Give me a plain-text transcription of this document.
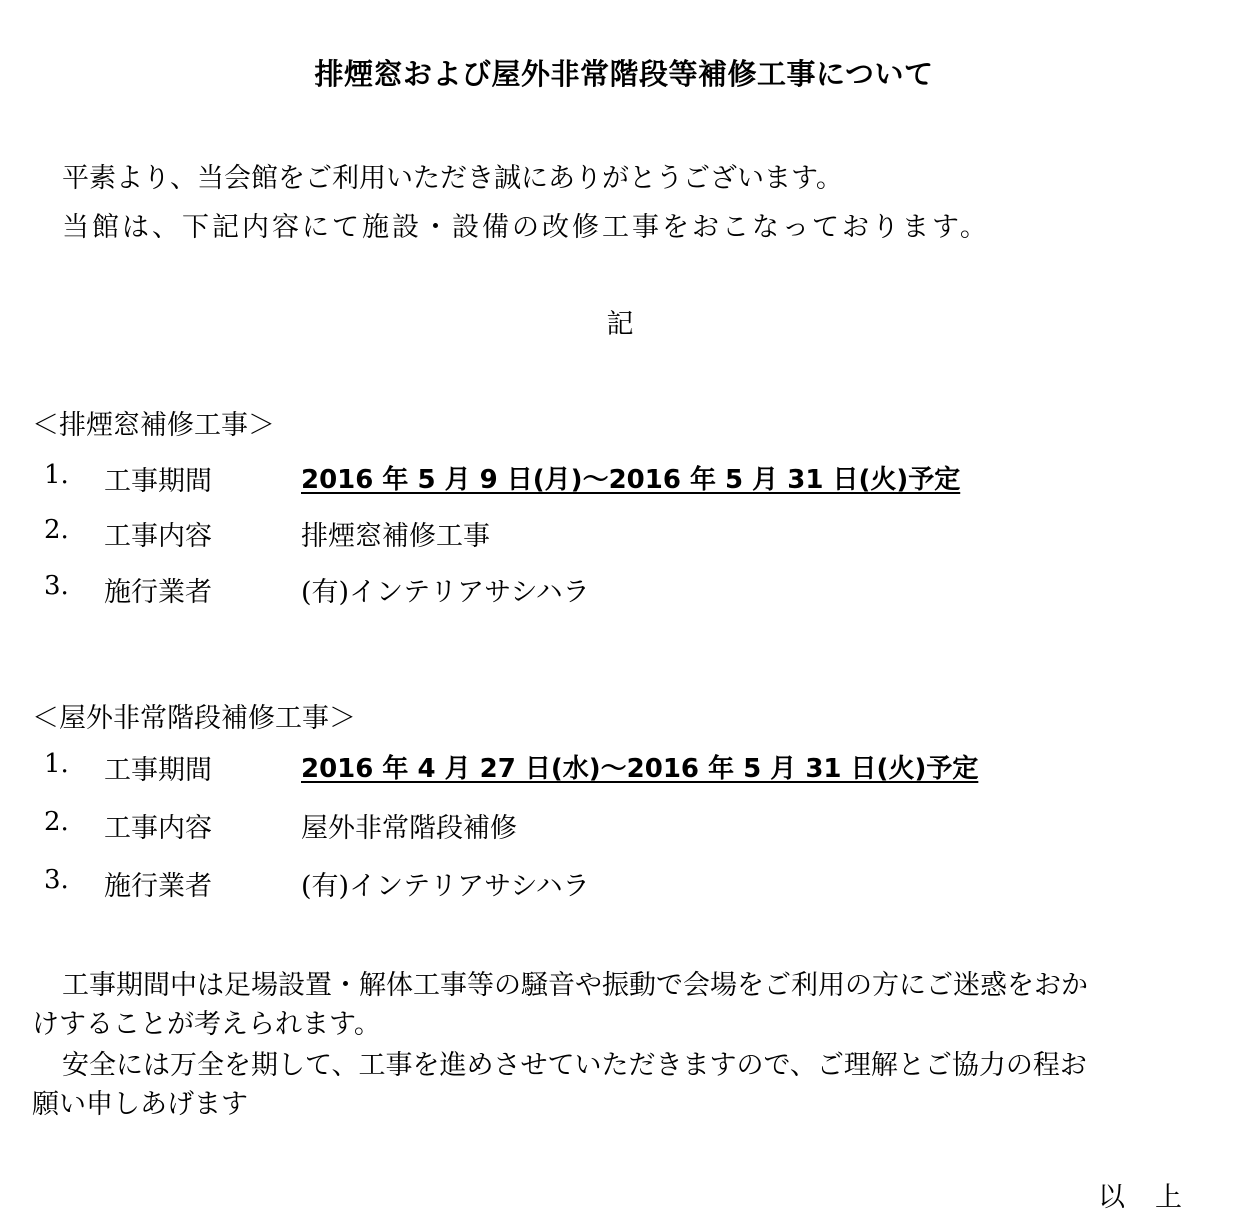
排煙窓および屋外非常階段等補修工事について
平素より、当会館をご利用いただき誠にありがとうございます。
当館は、下記内容にて施設・設備の改修工事をおこなっております。
記
＜排煙窓補修工事＞
1. 工事期間	2016 年 5 月 9 日(月)～2016 年 5 月 31 日(火)予定
2. 工事内容	排煙窓補修工事
3. 施行業者	(有)インテリアサシハラ
＜屋外非常階段補修工事＞
1. 工事期間	2016 年 4 月 27 日(水)～2016 年 5 月 31 日(火)予定
2. 工事内容	屋外非常階段補修
3. 施行業者	(有)インテリアサシハラ
工事期間中は足場設置・解体工事等の騒音や振動で会場をご利用の方にご迷惑をおか
けすることが考えられます。
安全には万全を期して、工事を進めさせていただきますので、ご理解とご協力の程お
願い申しあげます
以上
